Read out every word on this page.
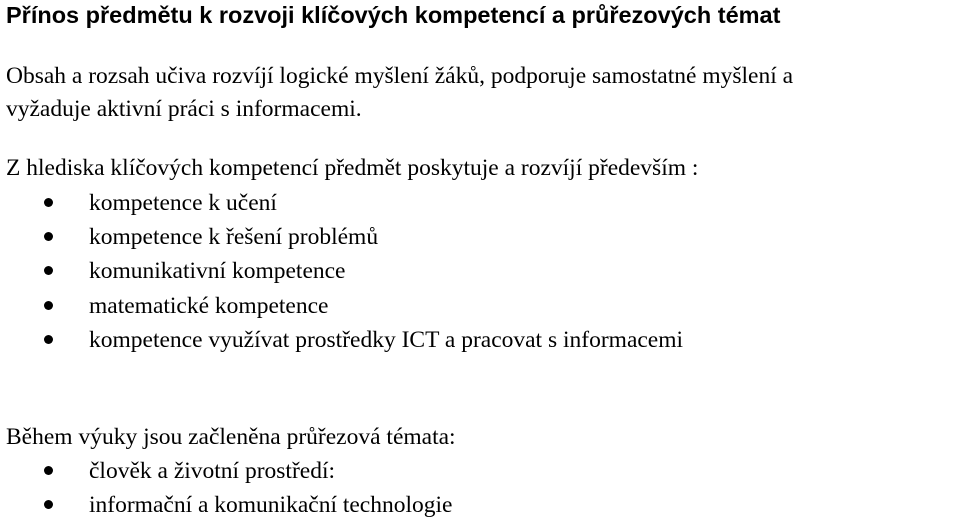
Přínos předmětu k rozvoji klíčových kompetencí a průřezových témat

Obsah a rozsah učiva rozvíjí logické myšlení žáků, podporuje samostatné myšlení a

vyžaduje aktivní práci s informacemi.

Z hlediska klíčových kompetencí předmět poskytuje a rozvíjí především :

kompetence k učení
kompetence k řešení problémů
komunikativní kompetence
matematické kompetence
kompetence využívat prostředky ICT a pracovat s informacemi

Během výuky jsou začleněna průřezová témata:

člověk a životní prostředí:
informační a komunikační technologie
